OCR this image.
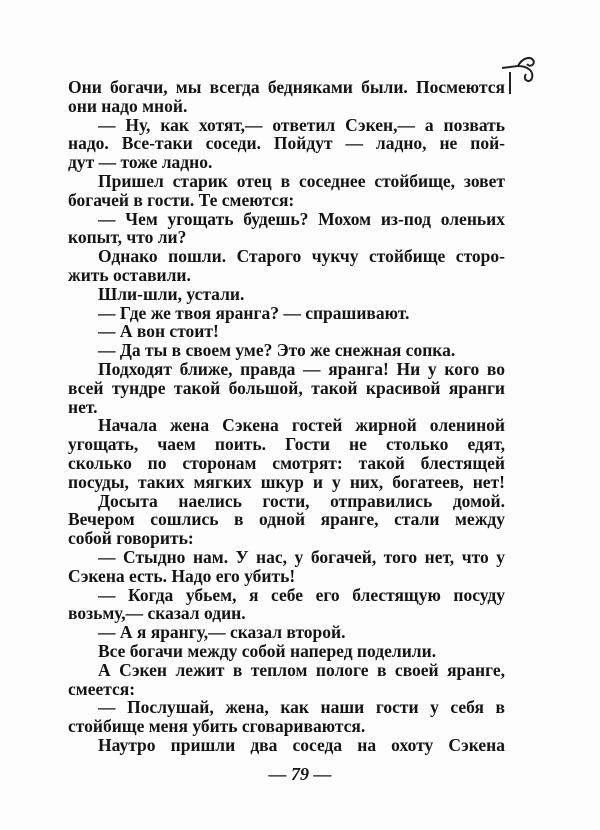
Они богачи, мы всегда бедняками были. Посмеются
они надо мной.
— Ну, как хотят,— ответил Сэкен,— а позвать
надо. Все-таки соседи. Пойдут — ладно, не пой-
дут — тоже ладно.
Пришел старик отец в соседнее стойбище, зовет
богачей в гости. Те смеются:
— Чем угощать будешь? Мохом из-под оленьих
копыт, что ли?
Однако пошли. Старого чукчу стойбище сторо-
жить оставили.
Шли-шли, устали.
— Где же твоя яранга? — спрашивают.
— А вон стоит!
— Да ты в своем уме? Это же снежная сопка.
Подходят ближе, правда — яранга! Ни у кого во
всей тундре такой большой, такой красивой яранги
нет.
Начала жена Сэкена гостей жирной олениной
угощать, чаем поить. Гости не столько едят,
сколько по сторонам смотрят: такой блестящей
посуды, таких мягких шкур и у них, богатеев, нет!
Досыта наелись гости, отправились домой.
Вечером сошлись в одной яранге, стали между
собой говорить:
— Стыдно нам. У нас, у богачей, того нет, что у
Сэкена есть. Надо его убить!
— Когда убьем, я себе его блестящую посуду
возьму,— сказал один.
— А я ярангу,— сказал второй.
Все богачи между собой наперед поделили.
А Сэкен лежит в теплом пологе в своей яранге,
смеется:
— Послушай, жена, как наши гости у себя в
стойбище меня убить сговариваются.
Наутро пришли два соседа на охоту Сэкена
— 79 —
